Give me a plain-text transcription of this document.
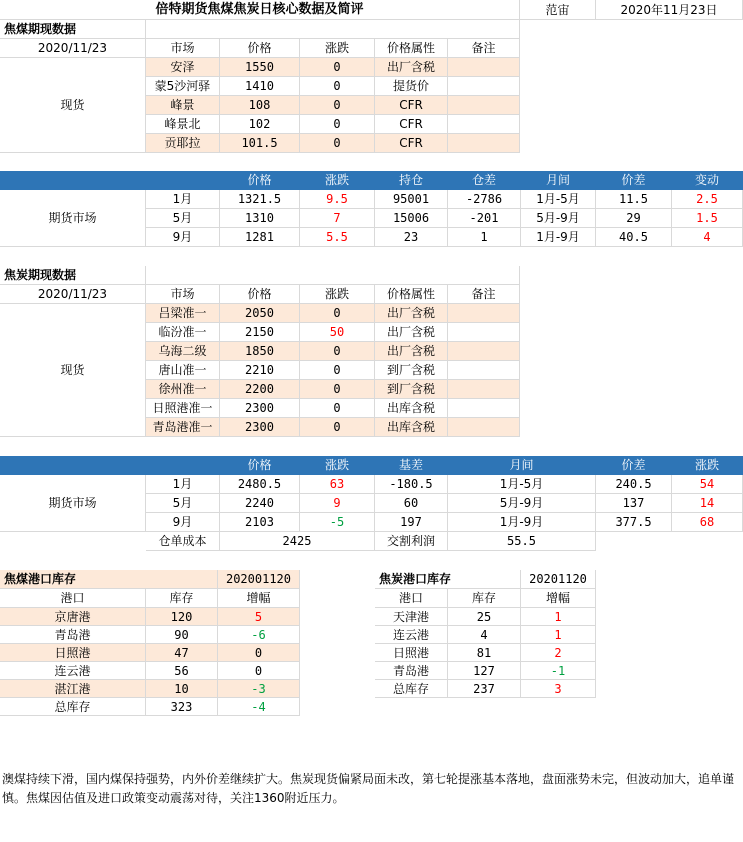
倍特期货焦煤焦炭日核心数据及简评	范宙	2020年11月23日
焦煤期现数据
2020/11/23	市场	价格	涨跌	价格属性	备注
现货
安泽	1550	0	出厂含税
蒙5沙河驿	1410	0	提货价
峰景	108	0	CFR
峰景北	102	0	CFR
贡耶拉	101.5	0	CFR
价格	涨跌	持仓	仓差	月间	价差	变动
期货市场
1月	1321.5	9.5	95001	-2786	1月-5月	11.5	2.5
5月	1310	7	15006	-201	5月-9月	29	1.5
9月	1281	5.5	23	1	1月-9月	40.5	4
焦炭期现数据
2020/11/23	市场	价格	涨跌	价格属性	备注
现货
吕梁准一	2050	0	出厂含税
临汾准一	2150	50	出厂含税
乌海二级	1850	0	出厂含税
唐山准一	2210	0	到厂含税
徐州准一	2200	0	到厂含税
日照港准一	2300	0	出库含税
青岛港准一	2300	0	出库含税
价格	涨跌	基差	月间	价差	涨跌
期货市场
1月	2480.5	63	-180.5	1月-5月	240.5	54
5月	2240	9	60	5月-9月	137	14
9月	2103	-5	197	1月-9月	377.5	68
仓单成本	2425	交割利润	55.5
焦煤港口库存	202001120
港口	库存	增幅
京唐港	120	5
青岛港	90	-6
日照港	47	0
连云港	56	0
湛江港	10	-3
总库存	323	-4
焦炭港口库存	20201120
港口	库存	增幅
天津港	25	1
连云港	4	1
日照港	81	2
青岛港	127	-1
总库存	237	3
澳煤持续下滑，国内煤保持强势，内外价差继续扩大。焦炭现货偏紧局面未改，第七轮提涨基本落地，盘面涨势未完，但波动加大，追单谨慎。焦煤因估值及进口政策变动震荡对待，关注1360附近压力。
